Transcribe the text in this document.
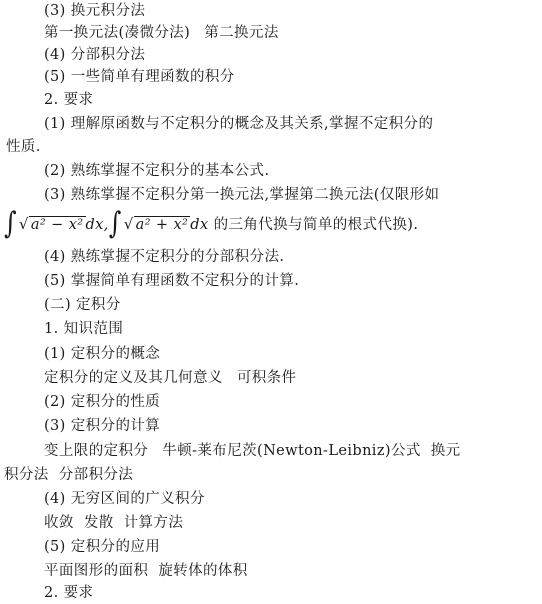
(3) 换元积分法
第一换元法(凑微分法) 第二换元法
(4) 分部积分法
(5) 一些简单有理函数的积分
2. 要求
(1) 理解原函数与不定积分的概念及其关系,掌握不定积分的
性质.
(2) 熟练掌握不定积分的基本公式.
(3) 熟练掌握不定积分第一换元法,掌握第二换元法(仅限形如
∫ √ a² − x² dx,∫ √ a² + x² dx 的三角代换与简单的根式代换).
(4) 熟练掌握不定积分的分部积分法.
(5) 掌握简单有理函数不定积分的计算.
(二) 定积分
1. 知识范围
(1) 定积分的概念
定积分的定义及其几何意义 可积条件
(2) 定积分的性质
(3) 定积分的计算
变上限的定积分 牛顿-莱布尼茨(Newton-Leibniz)公式 换元
积分法 分部积分法
(4) 无穷区间的广义积分
收敛 发散 计算方法
(5) 定积分的应用
平面图形的面积 旋转体的体积
2. 要求
